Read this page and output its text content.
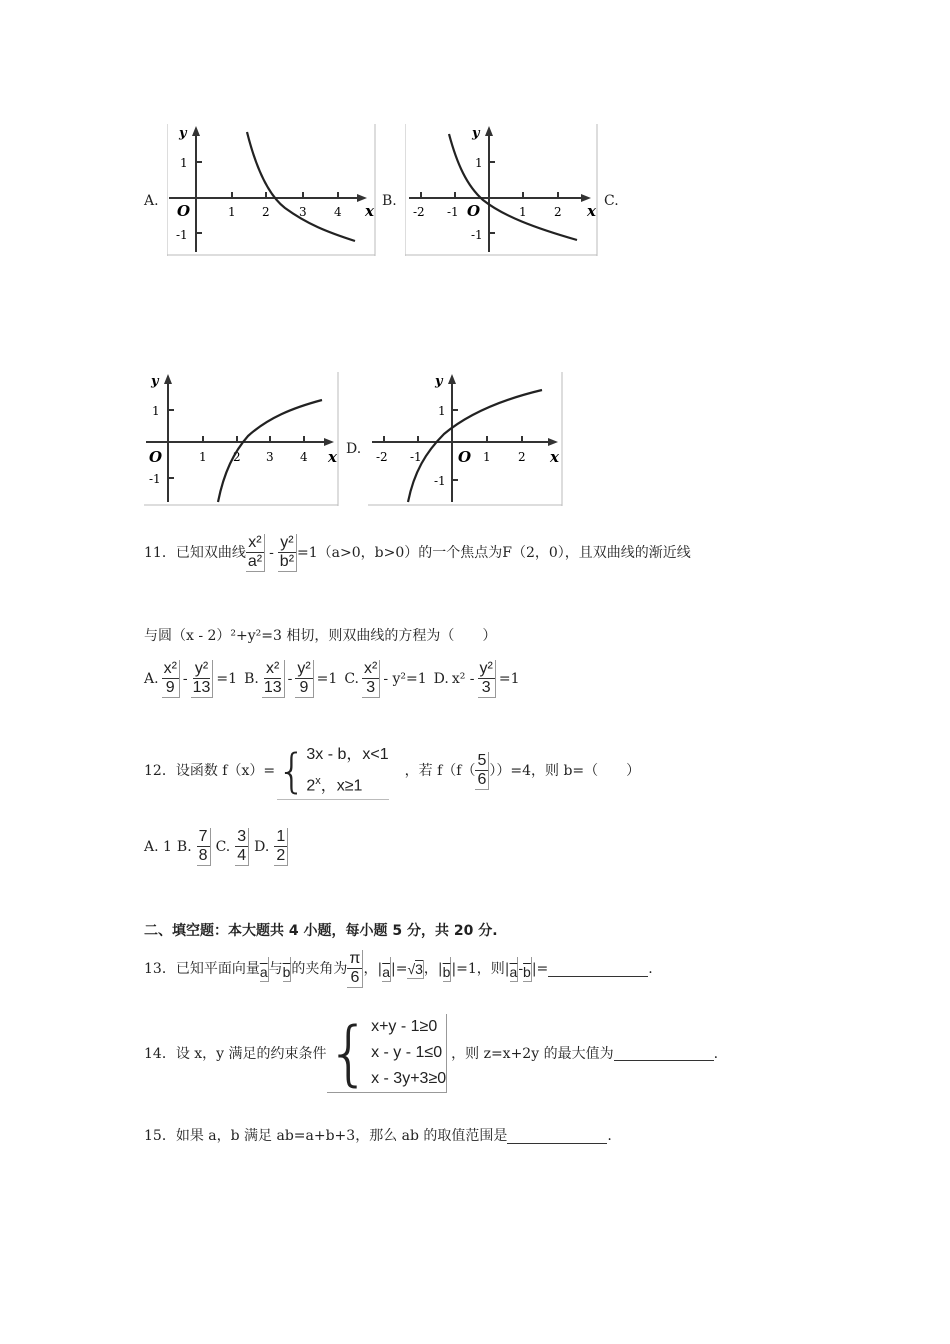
A.
y
x
O
1
-1
1 2 3 4
B.
y
x
O
1
-1
-2 -1	1 2
C.
y
x
O
1
-1
1 2 3 4	D.
y
x
O
1
-1
-2 -1	1 2
11．已知双曲线 $\frac{\text{x²}}{\text{a²}} - \frac{\text{y²}}{\text{b²}} =1(a>0$，b>0）的一个焦点为F（2，0），且双曲线的渐近线
与圆（x - 2）²+y²=3 相切，则双曲线的方程为（　　）
A. $\frac{\text{x²}}{9} - \frac{\text{y²}}{13} =1$ B. $\frac{\text{x²}}{13} - \frac{\text{y²}}{9} =1$ C. $\frac{\text{x²}}{3} - y^2=1$ D. $x^2 - \frac{\text{y²}}{3} =1$
12．设函数 f（x）= { 3x - b，x<1
2$^x$，x≥1
，若 $f(f( \frac{5}{6} ))=4$，则 b=（　　）
A. 1 B. $\frac{7}{8} C$. $\frac{3}{4} D$. $\frac{1}{2}$
二、填空题：本大题共 4 小题，每小题 5 分，共 20 分.
13．已知平面向量 $\overline{a}$ 与 $\overline{b}$ 的夹角为 $\frac{\pi}{6}$ ，| $\overline{a}$ |= √3 ，| $\overline{b}$ |=1，则| $\overline{a} - \overline{b}$ |=	.
14．设 x，y 满足的约束条件 { x+y - 1≥0
x - y - 1≤0
x - 3y+3≥0
，则 z=x+2y 的最大值为	.
15．如果 a，b 满足 ab=a+b+3，那么 ab 的取值范围是	.
